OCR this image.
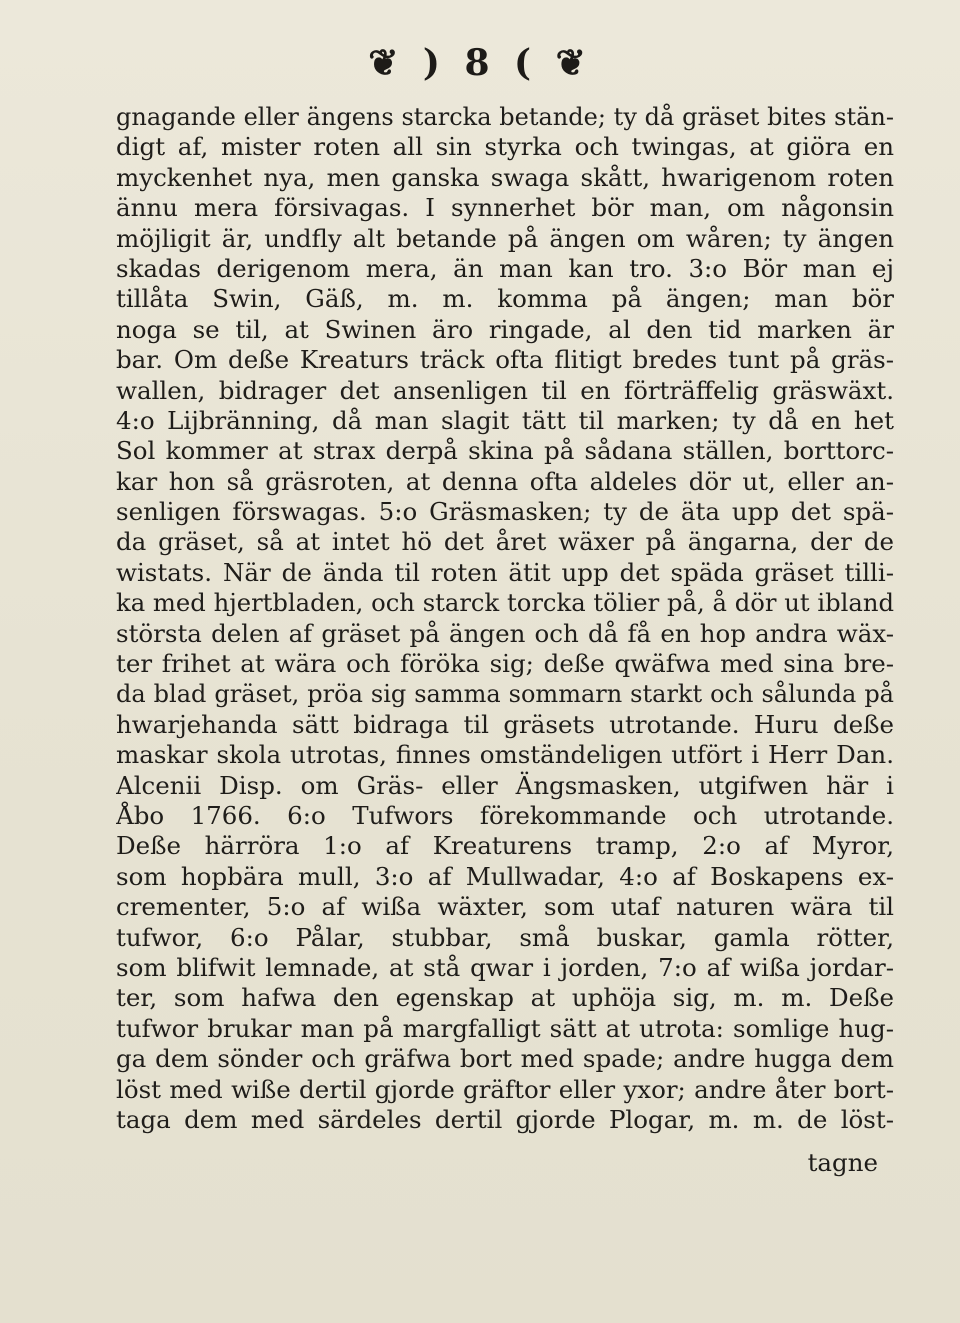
❦ ) 8 ( ❦
gnagande eller ängens starcka betande; ty då gräset bites stän-
digt af, mister roten all sin styrka och twingas, at giöra en
myckenhet nya, men ganska swaga skått, hwarigenom roten
ännu mera försivagas. I synnerhet bör man, om någonsin
möjligit är, undfly alt betande på ängen om wåren; ty ängen
skadas derigenom mera, än man kan tro. 3:o Bör man ej
tillåta Swin, Gäß, m. m. komma på ängen; man bör
noga se til, at Swinen äro ringade, al den tid marken är
bar. Om deße Kreaturs träck ofta flitigt bredes tunt på gräs-
wallen, bidrager det ansenligen til en förträffelig gräswäxt.
4:o Lijbränning, då man slagit tätt til marken; ty då en het
Sol kommer at strax derpå skina på sådana ställen, borttorc-
kar hon så gräsroten, at denna ofta aldeles dör ut, eller an-
senligen förswagas. 5:o Gräsmasken; ty de äta upp det spä-
da gräset, så at intet hö det året wäxer på ängarna, der de
wistats. När de ända til roten ätit upp det späda gräset tilli-
ka med hjertbladen, och starck torcka tölier på, å dör ut ibland
största delen af gräset på ängen och då få en hop andra wäx-
ter frihet at wära och föröka sig; deße qwäfwa med sina bre-
da blad gräset, pröa sig samma sommarn starkt och sålunda på
hwarjehanda sätt bidraga til gräsets utrotande. Huru deße
maskar skola utrotas, finnes omständeligen utfört i Herr Dan.
Alcenii Disp. om Gräs- eller Ängsmasken, utgifwen här i
Åbo 1766. 6:o Tufwors förekommande och utrotande.
Deße härröra 1:o af Kreaturens tramp, 2:o af Myror,
som hopbära mull, 3:o af Mullwadar, 4:o af Boskapens ex-
crementer, 5:o af wißa wäxter, som utaf naturen wära til
tufwor, 6:o Pålar, stubbar, små buskar, gamla rötter,
som blifwit lemnade, at stå qwar i jorden, 7:o af wißa jordar-
ter, som hafwa den egenskap at uphöja sig, m. m. Deße
tufwor brukar man på margfalligt sätt at utrota: somlige hug-
ga dem sönder och gräfwa bort med spade; andre hugga dem
löst med wiße dertil gjorde gräftor eller yxor; andre åter bort-
taga dem med särdeles dertil gjorde Plogar, m. m. de löst-
tagne
